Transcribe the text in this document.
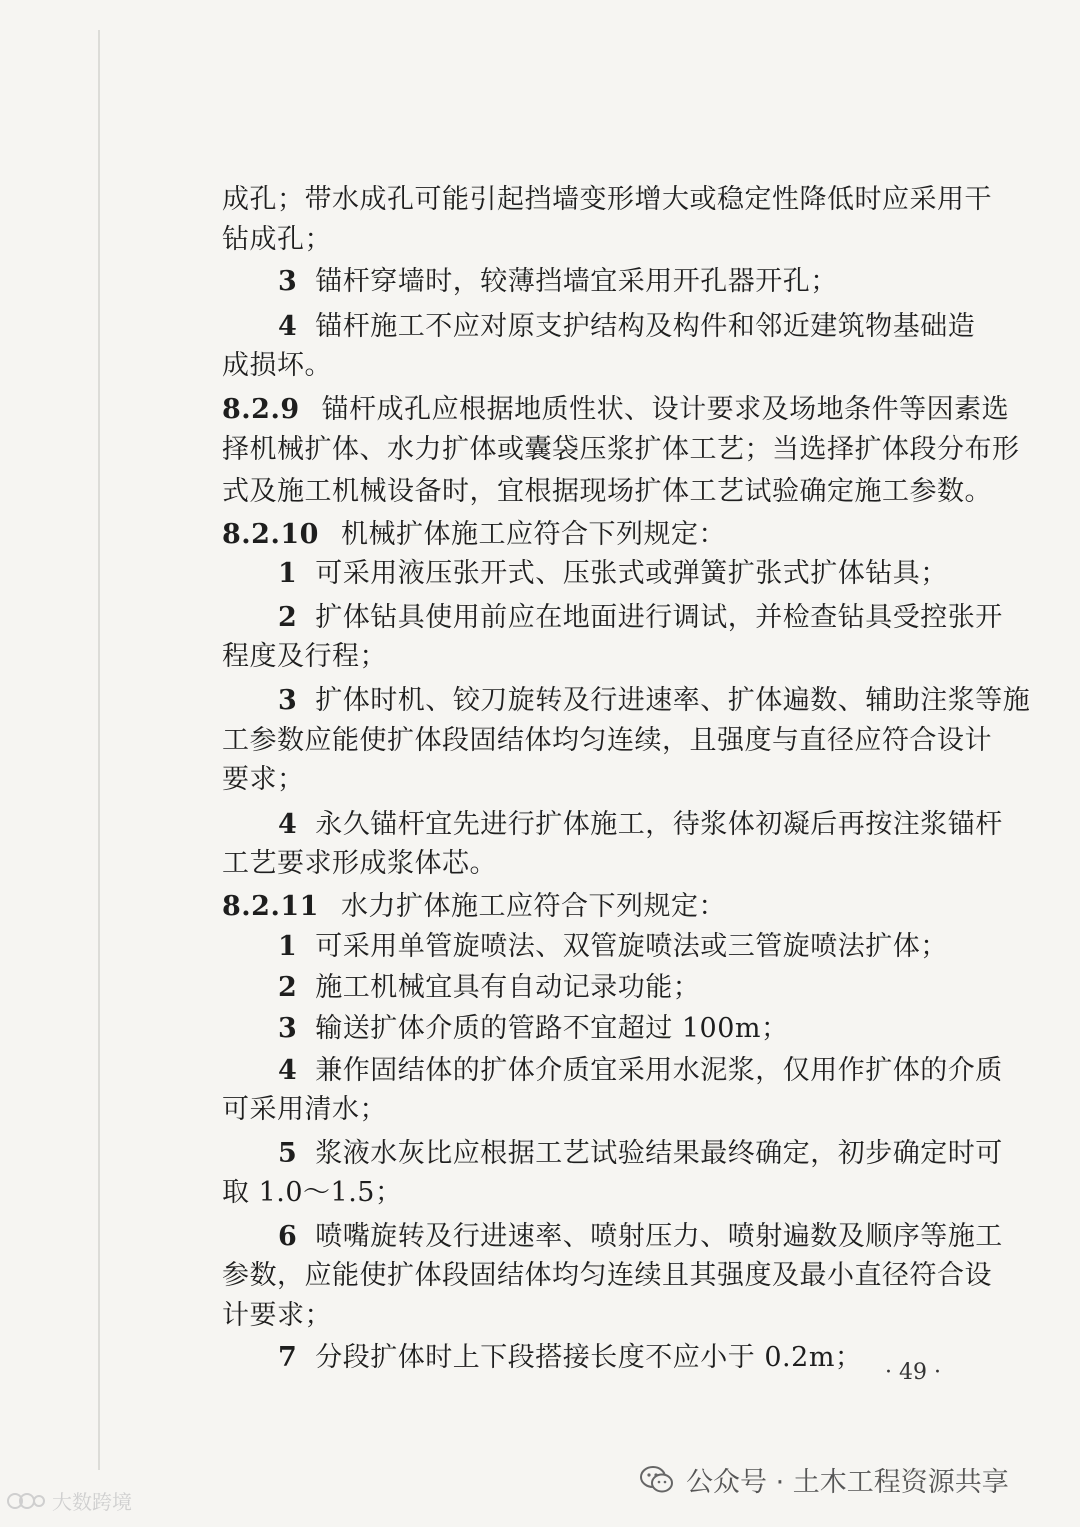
成孔；带水成孔可能引起挡墙变形增大或稳定性降低时应采用干
钻成孔；
3 锚杆穿墙时，较薄挡墙宜采用开孔器开孔；
4 锚杆施工不应对原支护结构及构件和邻近建筑物基础造
成损坏。
8.2.9 锚杆成孔应根据地质性状、设计要求及场地条件等因素选
择机械扩体、水力扩体或囊袋压浆扩体工艺；当选择扩体段分布形
式及施工机械设备时，宜根据现场扩体工艺试验确定施工参数。
8.2.10 机械扩体施工应符合下列规定：
1 可采用液压张开式、压张式或弹簧扩张式扩体钻具；
2 扩体钻具使用前应在地面进行调试，并检查钻具受控张开
程度及行程；
3 扩体时机、铰刀旋转及行进速率、扩体遍数、辅助注浆等施
工参数应能使扩体段固结体均匀连续，且强度与直径应符合设计
要求；
4 永久锚杆宜先进行扩体施工，待浆体初凝后再按注浆锚杆
工艺要求形成浆体芯。
8.2.11 水力扩体施工应符合下列规定：
1 可采用单管旋喷法、双管旋喷法或三管旋喷法扩体；
2 施工机械宜具有自动记录功能；
3 输送扩体介质的管路不宜超过 100m；
4 兼作固结体的扩体介质宜采用水泥浆，仅用作扩体的介质
可采用清水；
5 浆液水灰比应根据工艺试验结果最终确定，初步确定时可
取 1.0～1.5；
6 喷嘴旋转及行进速率、喷射压力、喷射遍数及顺序等施工
参数，应能使扩体段固结体均匀连续且其强度及最小直径符合设
计要求；
7 分段扩体时上下段搭接长度不应小于 0.2m； · 49 ·
公众号 · 土木工程资源共享
大数跨境
